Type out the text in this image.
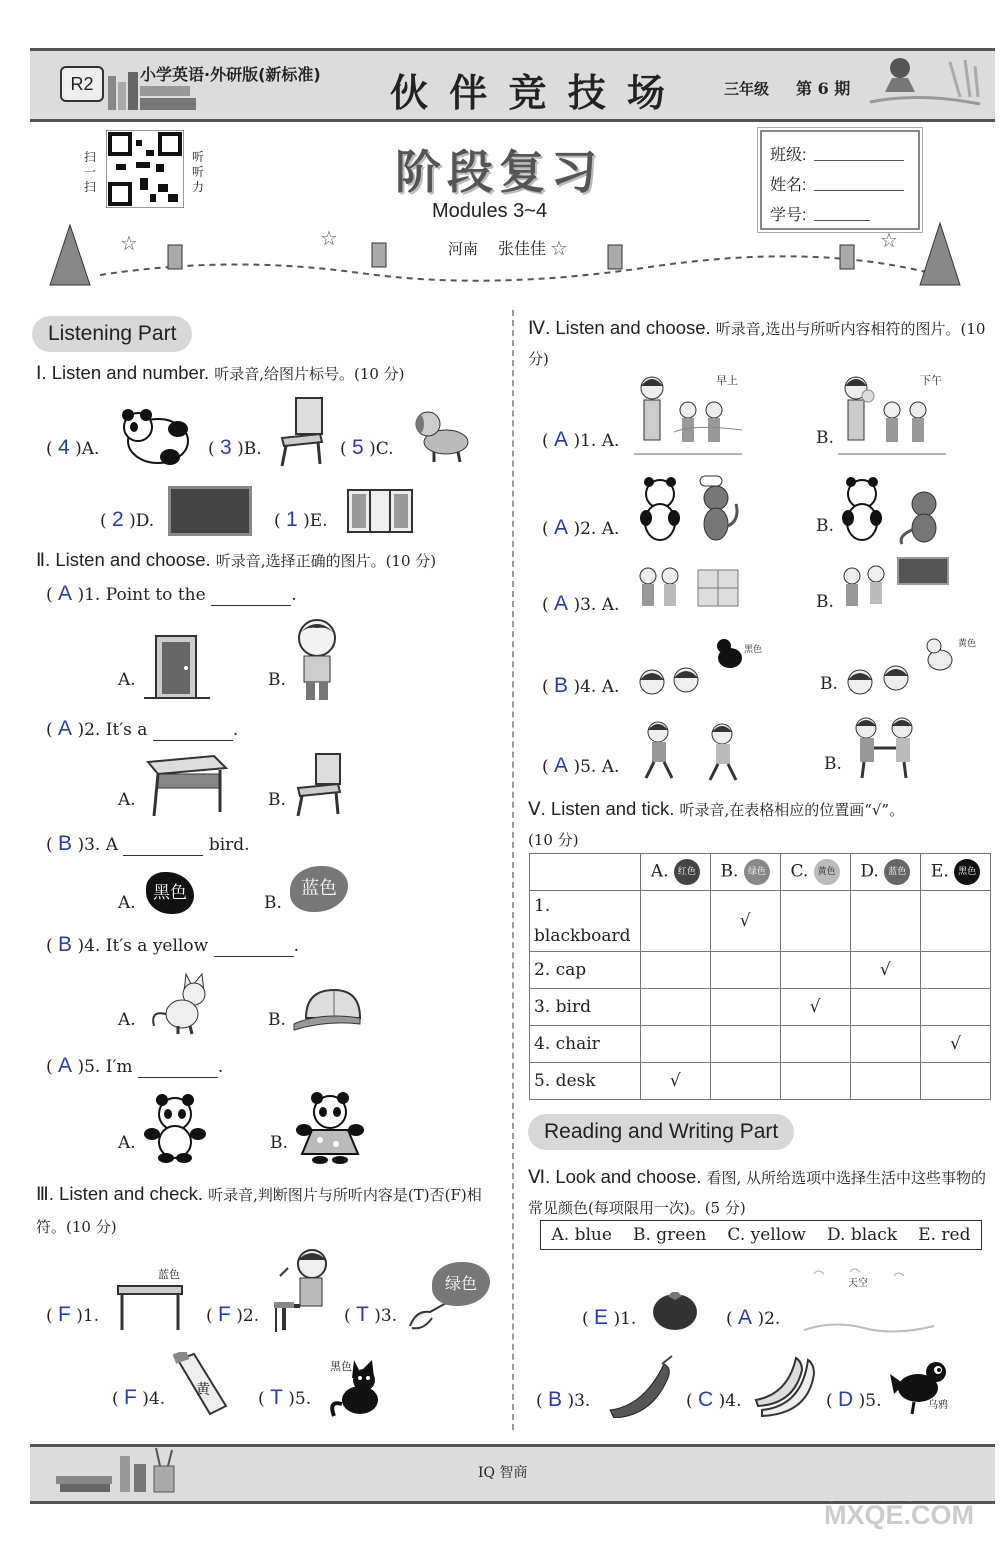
R2	小学英语·外研版(新标准) 伙 伴 竞 技 场	三年级 第 6 期
扫一扫
听听力	阶段复习
Modules 3~4
河南 张佳佳
班级:
姓名:
学号:
☆	☆	☆	☆
Listening Part
Ⅰ. Listen and number. 听录音,给图片标号。(10 分)
( 4 )A.	( 3 )B.	( 5 )C.
( 2 )D.	( 1 )E.
Ⅱ. Listen and choose. 听录音,选择正确的图片。(10 分)
( A )1. Point to the	.
A.	B.
( A )2. It′s a	.
A.	B.
( B )3. A	bird.
A.	黑色	B.
蓝色
( B )4. It′s a yellow	.
A.	B.
( A )5. I′m	.
A.	B.
Ⅲ. Listen and check. 听录音,判断图片与所听内容是(T)否(F)相符。(10 分)
( F )1.
蓝色
( F )2.	( T )3.
绿色
( F )4. 黄	( T )5.
黑色
Ⅳ. Listen and choose. 听录音,选出与所听内容相符的图片。(10 分)
( A )1. A.
早上
B.
下午
( A )2. A.	B.
( A )3. A.	B.
( B )4. A.
黑色
B.
黄色
( A )5. A.	B.
Ⅴ. Listen and tick. 听录音,在表格相应的位置画“√”。
(10 分)
	A. 红色	B. 绿色	C. 黄色	D. 蓝色	E. 黑色
1. blackboard		√			
2. cap				√	
3. bird			√		
4. chair					√
5. desk	√				
Reading and Writing Part
Ⅵ. Look and choose. 看图, 从所给选项中选择生活中这些事物的常见颜色(每项限用一次)。(5 分)
A. blue B. green C. yellow D. black E. red
( E )1.	( A )2.
天空
( B )3.	( C )4.	( D )5.	乌鸦
IQ 智商	答案圈
MXQE.COM
